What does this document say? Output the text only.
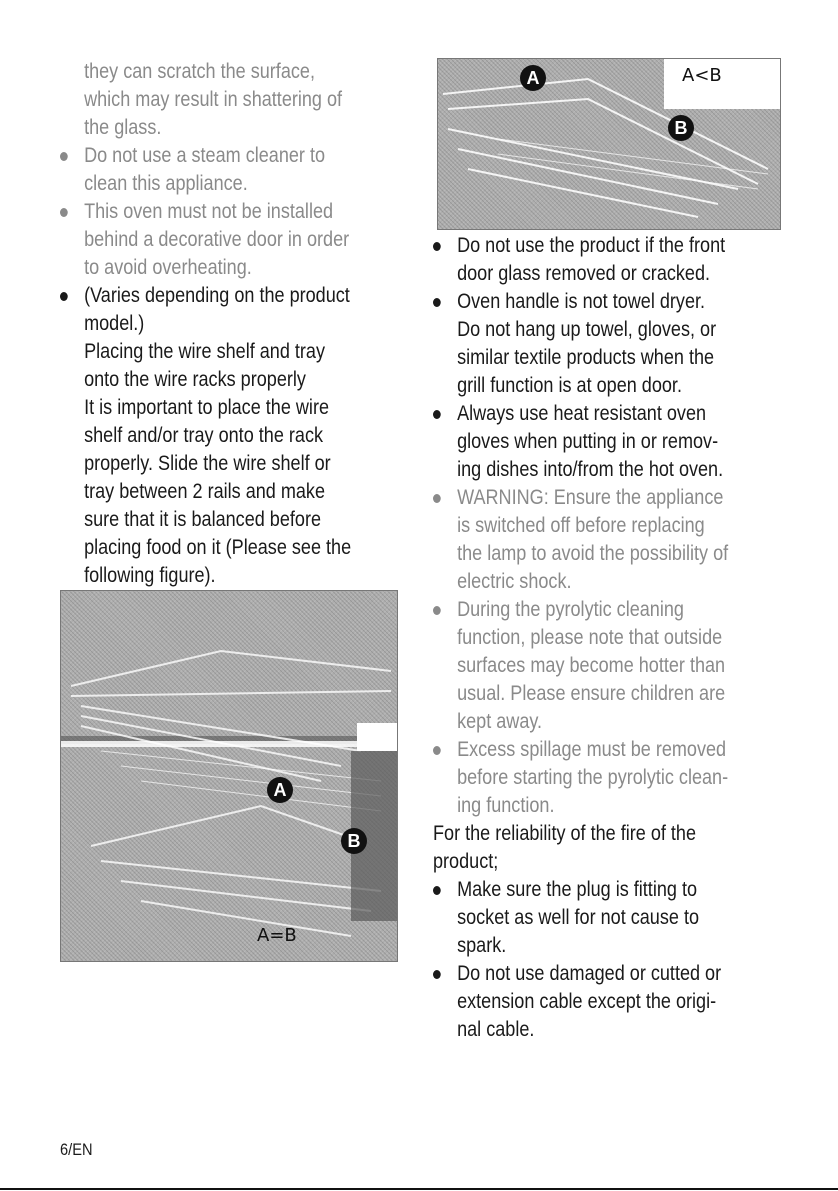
they can scratch the surface,
which may result in shattering of
the glass.
Do not use a steam cleaner to
clean this appliance.
This oven must not be installed
behind a decorative door in order
to avoid overheating.
(Varies depending on the product
model.)
Placing the wire shelf and tray
onto the wire racks properly
It is important to place the wire
shelf and/or tray onto the rack
properly. Slide the wire shelf or
tray between 2 rails and make
sure that it is balanced before
placing food on it (Please see the
following figure).
A
B
A=B
A
B
A<B
Do not use the product if the front
door glass removed or cracked.
Oven handle is not towel dryer.
Do not hang up towel, gloves, or
similar textile products when the
grill function is at open door.
Always use heat resistant oven
gloves when putting in or remov-
ing dishes into/from the hot oven.
WARNING: Ensure the appliance
is switched off before replacing
the lamp to avoid the possibility of
electric shock.
During the pyrolytic cleaning
function, please note that outside
surfaces may become hotter than
usual. Please ensure children are
kept away.
Excess spillage must be removed
before starting the pyrolytic clean-
ing function.
For the reliability of the fire of the
product;
Make sure the plug is fitting to
socket as well for not cause to
spark.
Do not use damaged or cutted or
extension cable except the origi-
nal cable.
6/EN
